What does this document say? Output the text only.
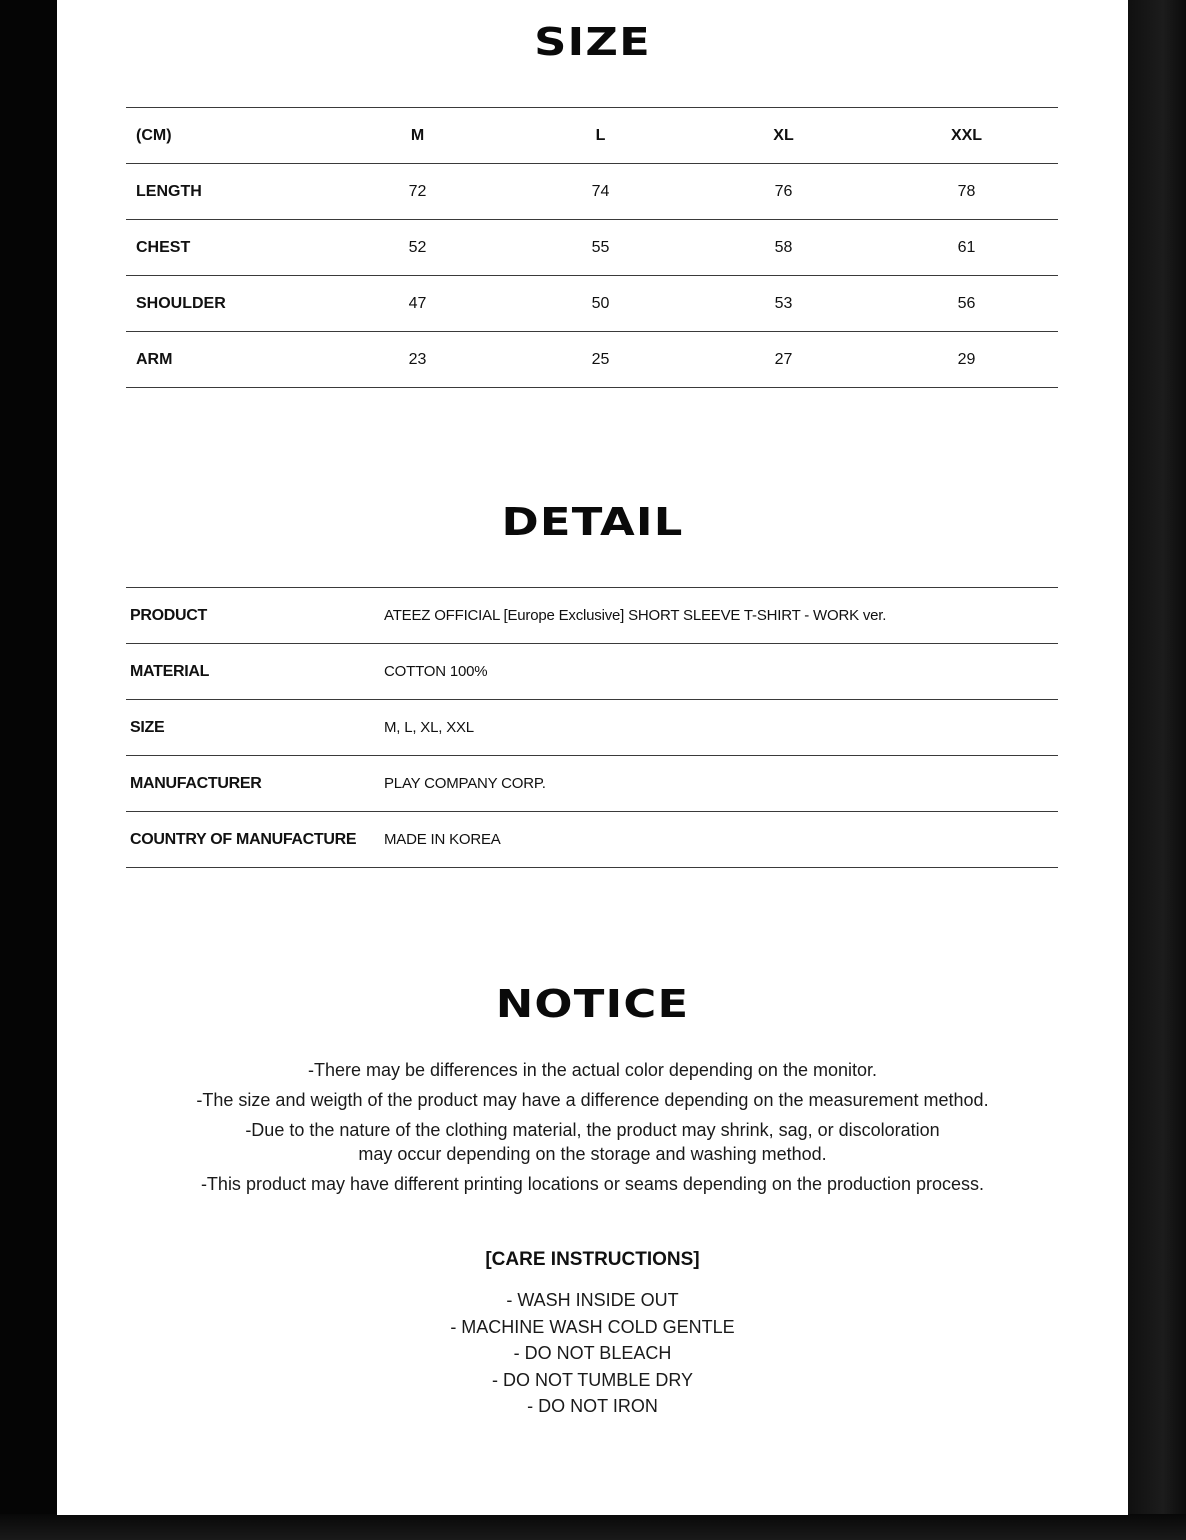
SIZE
(CM)	M	L	XL	XXL
LENGTH	72	74	76	78
CHEST	52	55	58	61
SHOULDER	47	50	53	56
ARM	23	25	27	29
DETAIL
PRODUCT	ATEEZ OFFICIAL [Europe Exclusive] SHORT SLEEVE T-SHIRT - WORK ver.
MATERIAL	COTTON 100%
SIZE	M, L, XL, XXL
MANUFACTURER	PLAY COMPANY CORP.
COUNTRY OF MANUFACTURE	MADE IN KOREA
NOTICE

-There may be differences in the actual color depending on the monitor.

-The size and weigth of the product may have a difference depending on the measurement method.

-Due to the nature of the clothing material, the product may shrink, sag, or discoloration

may occur depending on the storage and washing method.

-This product may have different printing locations or seams depending on the production process.

[CARE INSTRUCTIONS]
- WASH INSIDE OUT
- MACHINE WASH COLD GENTLE
- DO NOT BLEACH
- DO NOT TUMBLE DRY
- DO NOT IRON
